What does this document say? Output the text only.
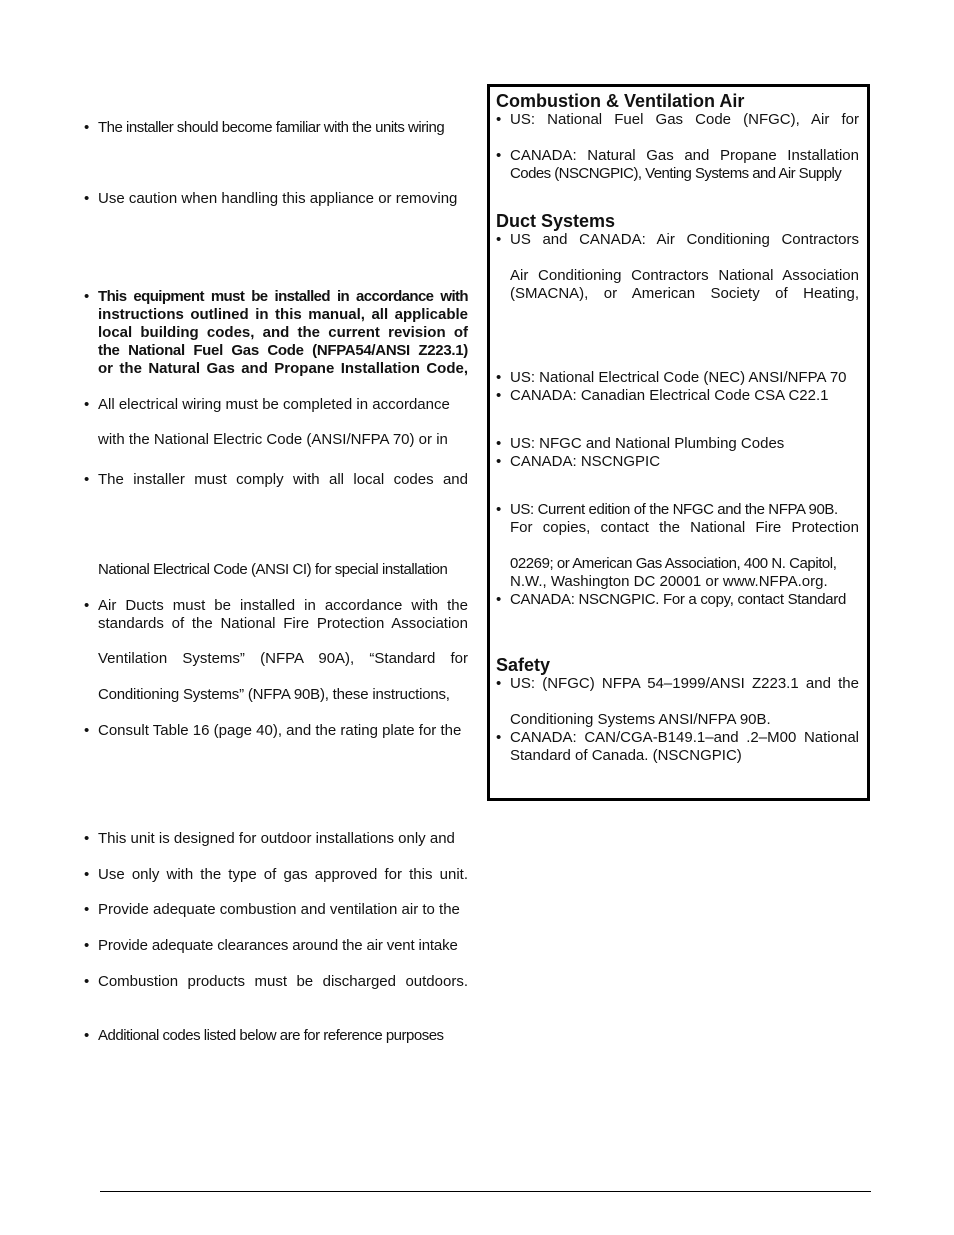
• The installer should become familiar with the units wiring

• Use caution when handling this appliance or removing

• This equipment must be installed in accordance with

instructions outlined in this manual, all applicable

local building codes, and the current revision of

the National Fuel Gas Code (NFPA54/ANSI Z223.1)

or the Natural Gas and Propane Installation Code,

• All electrical wiring must be completed in accordance

with the National Electric Code (ANSI/NFPA 70) or in

• The installer must comply with all local codes and

National Electrical Code (ANSI CI) for special installation

• Air Ducts must be installed in accordance with the

standards of the National Fire Protection Association

Ventilation Systems” (NFPA 90A), “Standard for

Conditioning Systems” (NFPA 90B), these instructions,

• Consult Table 16 (page 40), and the rating plate for the

• This unit is designed for outdoor installations only and

• Use only with the type of gas approved for this unit.

• Provide adequate combustion and ventilation air to the

• Provide adequate clearances around the air vent intake

• Combustion products must be discharged outdoors.

• Additional codes listed below are for reference purposes

Combustion & Ventilation Air
• US: National Fuel Gas Code (NFGC), Air for

• CANADA: Natural Gas and Propane Installation

Codes (NSCNGPIC), Venting Systems and Air Supply

Duct Systems
• US and CANADA: Air Conditioning Contractors

Air Conditioning Contractors National Association

(SMACNA), or American Society of Heating,

• US: National Electrical Code (NEC) ANSI/NFPA 70

• CANADA: Canadian Electrical Code CSA C22.1

• US: NFGC and National Plumbing Codes

• CANADA: NSCNGPIC

• US: Current edition of the NFGC and the NFPA 90B.

For copies, contact the National Fire Protection

02269; or American Gas Association, 400 N. Capitol,

N.W., Washington DC 20001 or www.NFPA.org.

• CANADA: NSCNGPIC. For a copy, contact Standard

Safety
• US: (NFGC) NFPA 54–1999/ANSI Z223.1 and the

Conditioning Systems ANSI/NFPA 90B.

• CANADA: CAN/CGA-B149.1–and .2–M00 National

Standard of Canada. (NSCNGPIC)
